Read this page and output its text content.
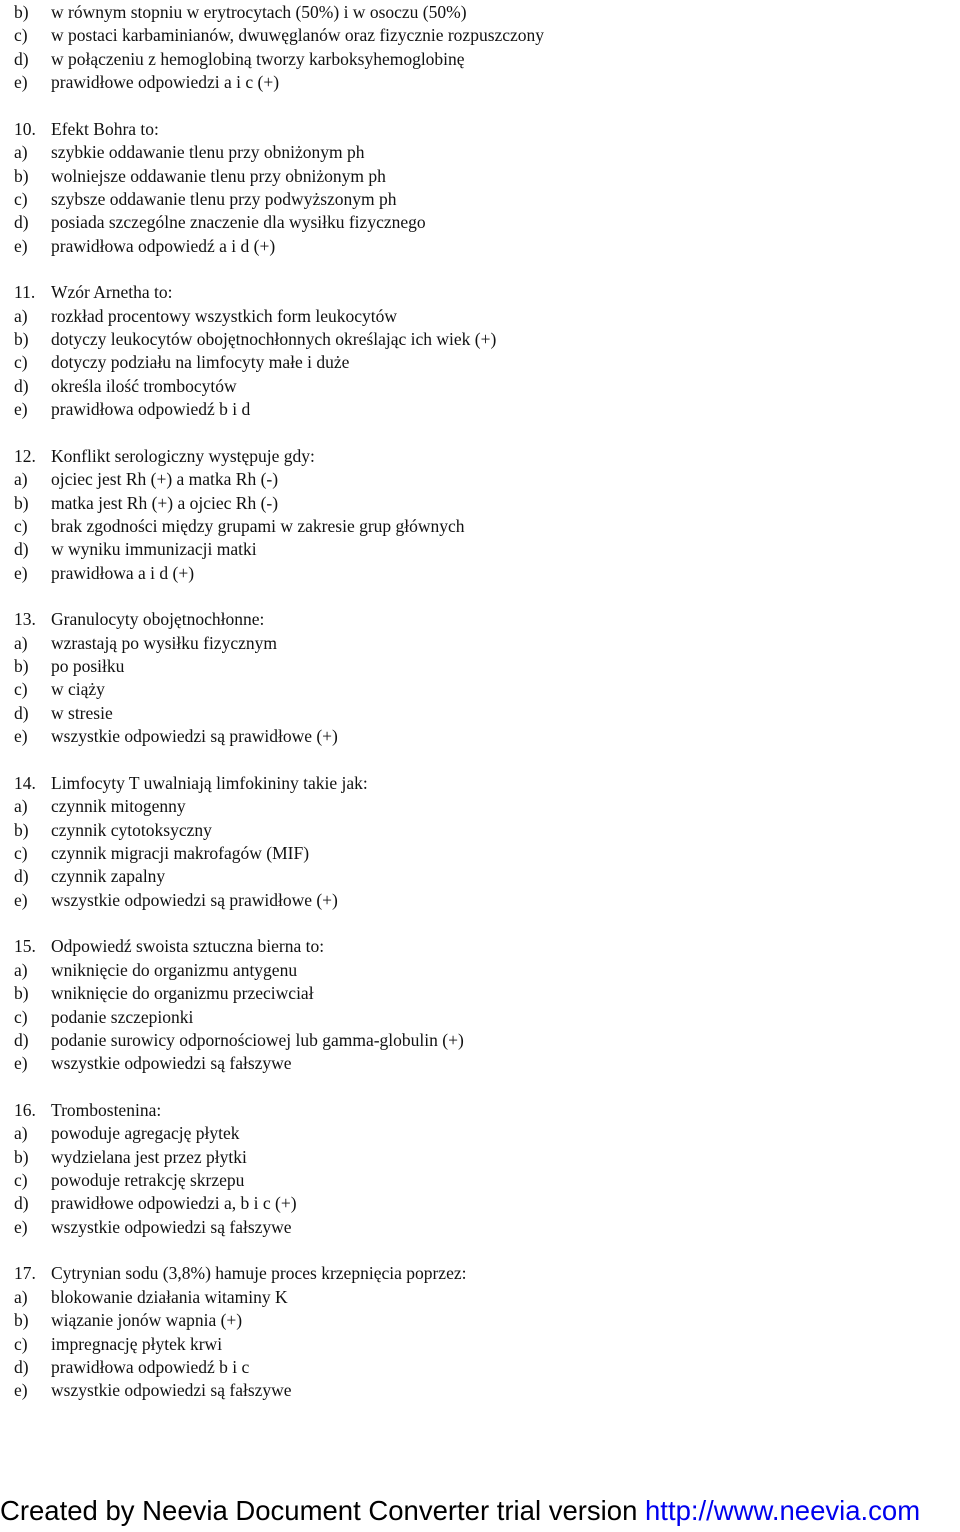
b) w równym stopniu w erytrocytach (50%) i w osoczu (50%)
c) w postaci karbaminianów, dwuwęglanów oraz fizycznie rozpuszczony
d) w połączeniu z hemoglobiną tworzy karboksyhemoglobinę
e) prawidłowe odpowiedzi a i c (+)
10. Efekt Bohra to:
a) szybkie oddawanie tlenu przy obniżonym ph
b) wolniejsze oddawanie tlenu przy obniżonym ph
c) szybsze oddawanie tlenu przy podwyższonym ph
d) posiada szczególne znaczenie dla wysiłku fizycznego
e) prawidłowa odpowiedź a i d (+)
11. Wzór Arnetha to:
a) rozkład procentowy wszystkich form leukocytów
b) dotyczy leukocytów obojętnochłonnych określając ich wiek (+)
c) dotyczy podziału na limfocyty małe i duże
d) określa ilość trombocytów
e) prawidłowa odpowiedź b i d
12. Konflikt serologiczny występuje gdy:
a) ojciec jest Rh (+) a matka Rh (-)
b) matka jest Rh (+) a ojciec Rh (-)
c) brak zgodności między grupami w zakresie grup głównych
d) w wyniku immunizacji matki
e) prawidłowa a i d (+)
13. Granulocyty obojętnochłonne:
a) wzrastają po wysiłku fizycznym
b) po posiłku
c) w ciąży
d) w stresie
e) wszystkie odpowiedzi są prawidłowe (+)
14. Limfocyty T uwalniają limfokininy takie jak:
a) czynnik mitogenny
b) czynnik cytotoksyczny
c) czynnik migracji makrofagów (MIF)
d) czynnik zapalny
e) wszystkie odpowiedzi są prawidłowe (+)
15. Odpowiedź swoista sztuczna bierna to:
a) wniknięcie do organizmu antygenu
b) wniknięcie do organizmu przeciwciał
c) podanie szczepionki
d) podanie surowicy odpornościowej lub gamma-globulin (+)
e) wszystkie odpowiedzi są fałszywe
16. Trombostenina:
a) powoduje agregację płytek
b) wydzielana jest przez płytki
c) powoduje retrakcję skrzepu
d) prawidłowe odpowiedzi a, b i c (+)
e) wszystkie odpowiedzi są fałszywe
17. Cytrynian sodu (3,8%) hamuje proces krzepnięcia poprzez:
a) blokowanie działania witaminy K
b) wiązanie jonów wapnia (+)
c) impregnację płytek krwi
d) prawidłowa odpowiedź b i c
e) wszystkie odpowiedzi są fałszywe
Created by Neevia Document Converter trial version http://www.neevia.com
